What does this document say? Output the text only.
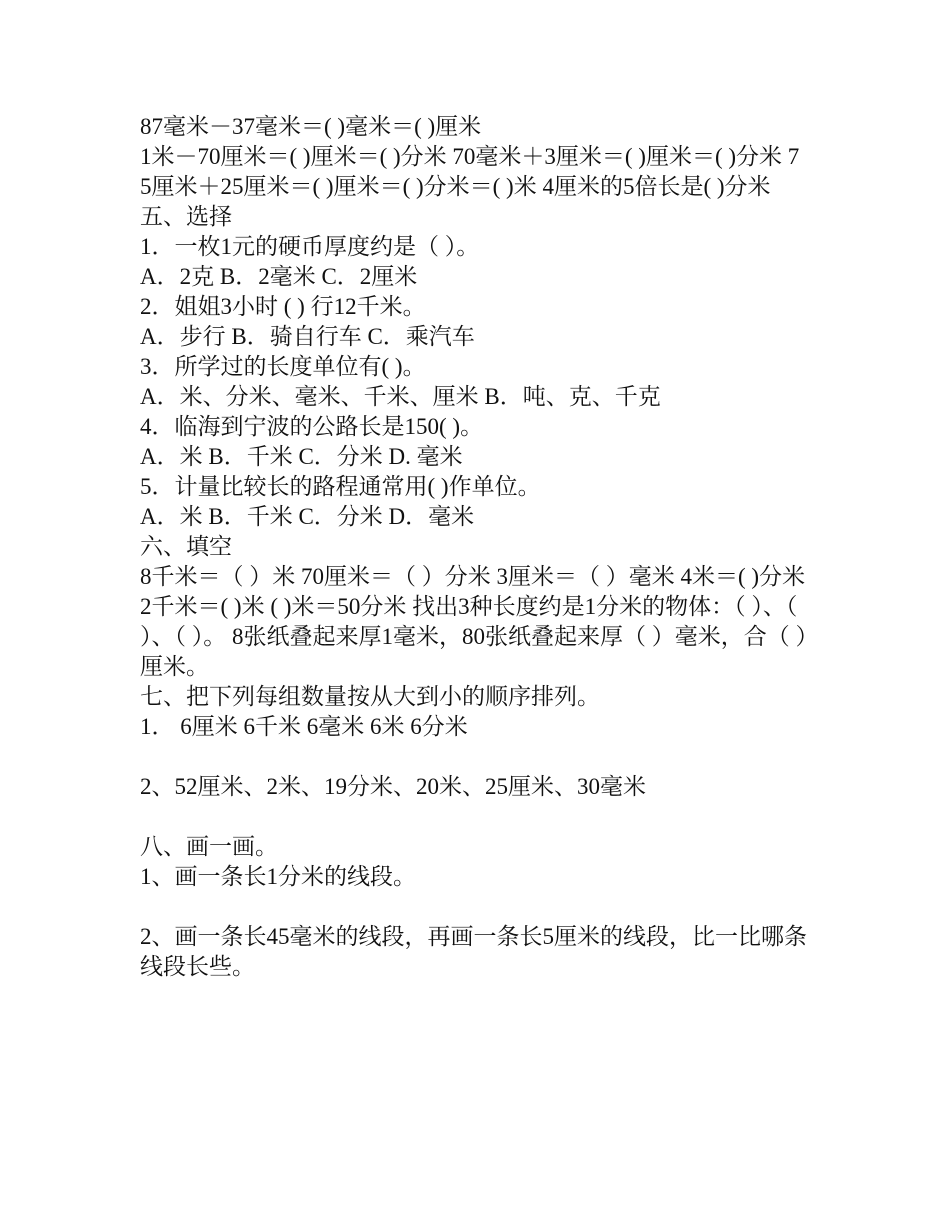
87毫米－37毫米＝( )毫米＝( )厘米

1米－70厘米＝( )厘米＝( )分米 70毫米＋3厘米＝( )厘米＝( )分米 75厘米＋25厘米＝( )厘米＝( )分米＝( )米 4厘米的5倍长是( )分米

五、选择

1．一枚1元的硬币厚度约是（ ）。

A．2克 B．2毫米 C．2厘米

2．姐姐3小时 ( ) 行12千米。

A．步行 B．骑自行车 C．乘汽车

3．所学过的长度单位有( )。

A．米、分米、毫米、千米、厘米 B．吨、克、千克

4．临海到宁波的公路长是150( )。

A．米 B．千米 C．分米 D. 毫米

5．计量比较长的路程通常用( )作单位。

A．米 B．千米 C．分米 D．毫米

六、填空

8千米＝（ ）米 70厘米＝（ ）分米 3厘米＝（ ）毫米 4米＝( )分米 2千米＝( )米 ( )米＝50分米 找出3种长度约是1分米的物体：（ ）、（ ）、（ ）。 8张纸叠起来厚1毫米，80张纸叠起来厚（ ）毫米，合（ ）厘米。

七、把下列每组数量按从大到小的顺序排列。

1． 6厘米 6千米 6毫米 6米 6分米

2、52厘米、2米、19分米、20米、25厘米、30毫米

八、画一画。

1、画一条长1分米的线段。

2、画一条长45毫米的线段，再画一条长5厘米的线段，比一比哪条线段长些。
